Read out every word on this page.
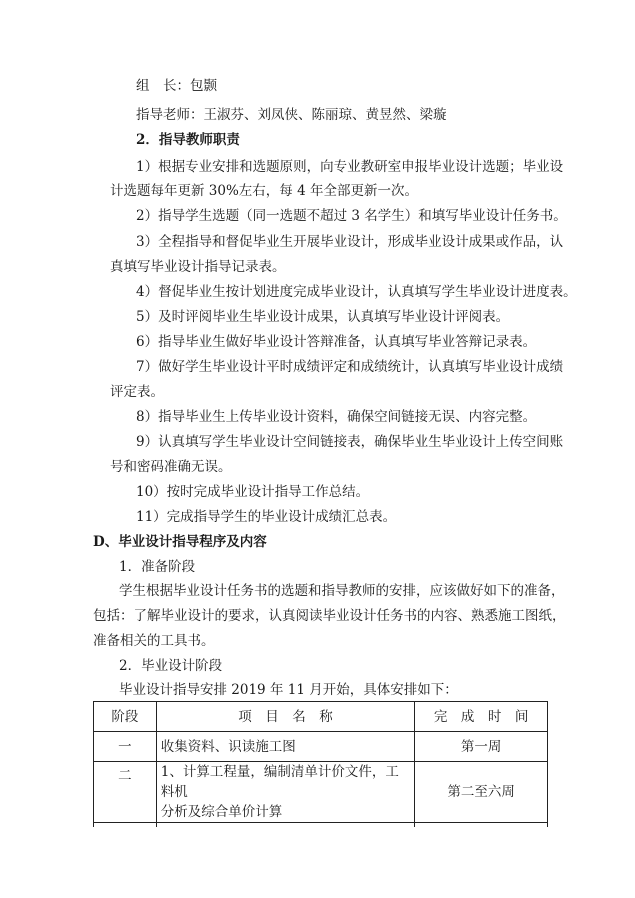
组　长：包颢
指导老师：王淑芬、刘凤侠、陈丽琼、黄昱然、梁璇
2．指导教师职责
1）根据专业安排和选题原则，向专业教研室申报毕业设计选题；毕业设
计选题每年更新 30%左右，每 4 年全部更新一次。
2）指导学生选题（同一选题不超过 3 名学生）和填写毕业设计任务书。
3）全程指导和督促毕业生开展毕业设计，形成毕业设计成果或作品，认
真填写毕业设计指导记录表。
4）督促毕业生按计划进度完成毕业设计，认真填写学生毕业设计进度表。
5）及时评阅毕业生毕业设计成果，认真填写毕业设计评阅表。
6）指导毕业生做好毕业设计答辩准备，认真填写毕业答辩记录表。
7）做好学生毕业设计平时成绩评定和成绩统计，认真填写毕业设计成绩
评定表。
8）指导毕业生上传毕业设计资料，确保空间链接无误、内容完整。
9）认真填写学生毕业设计空间链接表，确保毕业生毕业设计上传空间账
号和密码准确无误。
10）按时完成毕业设计指导工作总结。
11）完成指导学生的毕业设计成绩汇总表。
D、毕业设计指导程序及内容
1．准备阶段
学生根据毕业设计任务书的选题和指导教师的安排，应该做好如下的准备，
包括：了解毕业设计的要求，认真阅读毕业设计任务书的内容、熟悉施工图纸，
准备相关的工具书。
2．毕业设计阶段
毕业设计指导安排 2019 年 11 月开始，具体安排如下：
阶段	项　目　名　称	完　成　时　间
一	收集资料、识读施工图	第一周
二	1、计算工程量，编制清单计价文件，工料机
分析及综合单价计算	第二至六周
